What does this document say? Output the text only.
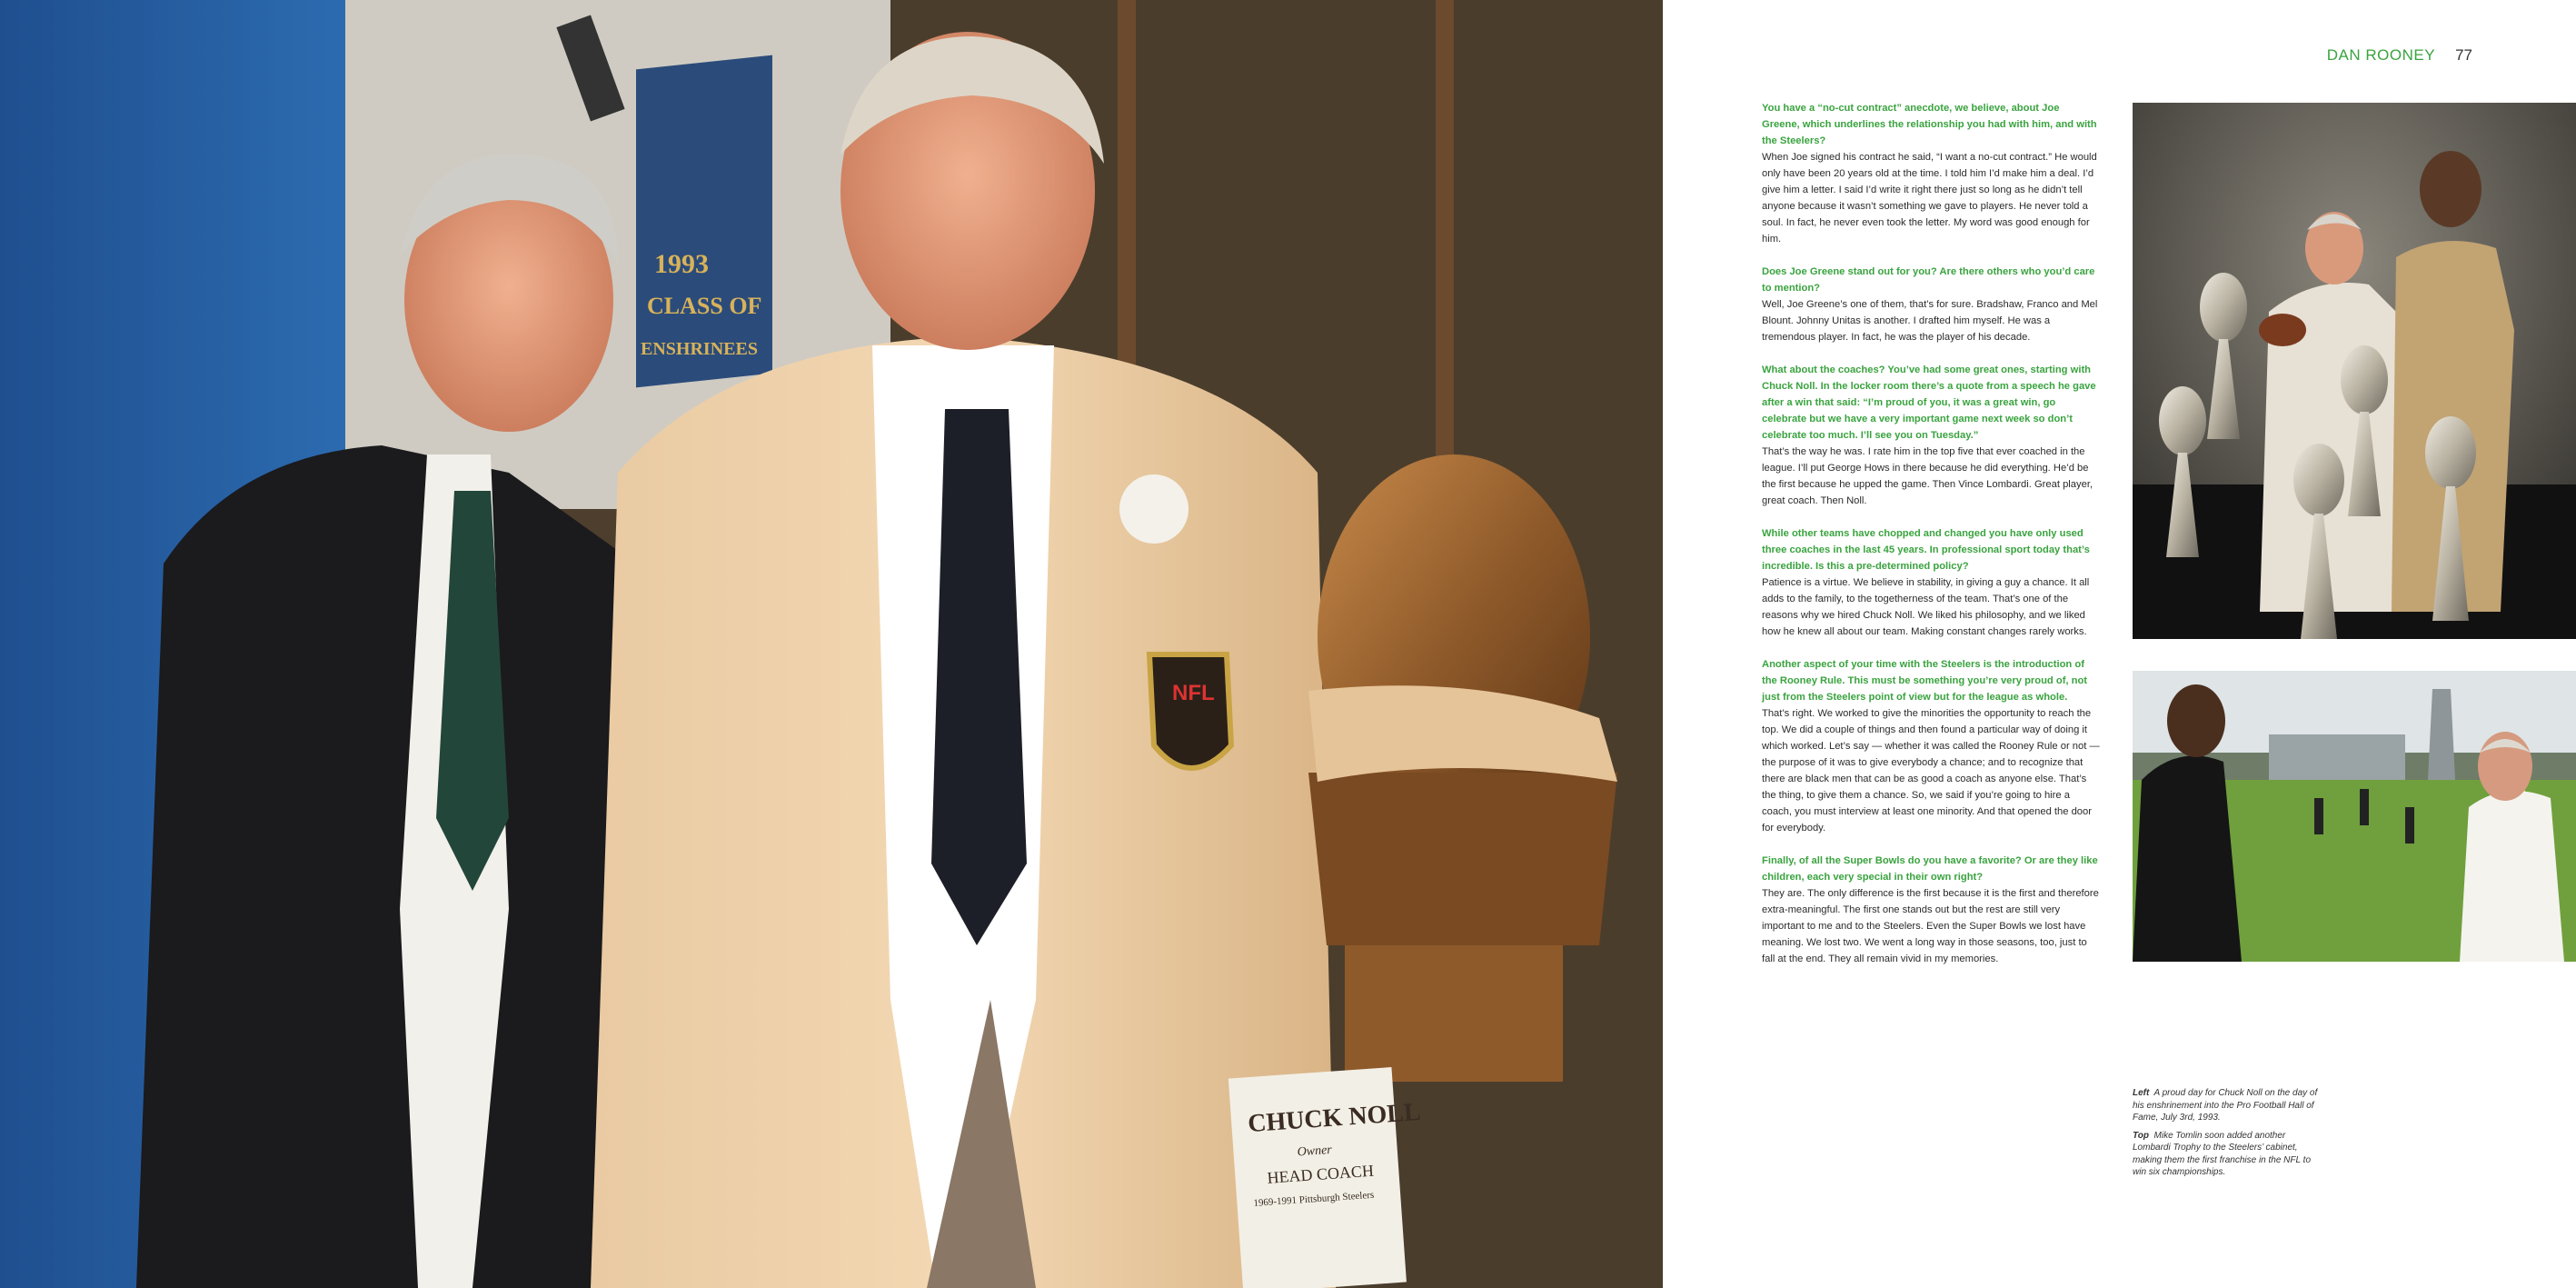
1993
CLASS OF
ENSHRINEES
NFL
CHUCK NOLL
Owner
HEAD COACH
1969-1991 Pittsburgh Steelers
DAN ROONEY 77
You have a “no-cut contract” anecdote, we believe, about Joe Greene, which underlines the relationship you had with him, and with the Steelers?
When Joe signed his contract he said, “I want a no-cut contract.” He would only have been 20 years old at the time. I told him I’d make him a deal. I’d give him a letter. I said I’d write it right there just so long as he didn’t tell anyone because it wasn’t something we gave to players. He never told a soul. In fact, he never even took the letter. My word was good enough for him.
Does Joe Greene stand out for you? Are there others who you’d care to mention?
Well, Joe Greene’s one of them, that’s for sure. Bradshaw, Franco and Mel Blount. Johnny Unitas is another. I drafted him myself. He was a tremendous player. In fact, he was the player of his decade.
What about the coaches? You’ve had some great ones, starting with Chuck Noll. In the locker room there’s a quote from a speech he gave after a win that said: “I’m proud of you, it was a great win, go celebrate but we have a very important game next week so don’t celebrate too much. I’ll see you on Tuesday.”
That’s the way he was. I rate him in the top five that ever coached in the league. I’ll put George Hows in there because he did everything. He’d be the first because he upped the game. Then Vince Lombardi. Great player, great coach. Then Noll.
While other teams have chopped and changed you have only used three coaches in the last 45 years. In professional sport today that’s incredible. Is this a pre-determined policy?
Patience is a virtue. We believe in stability, in giving a guy a chance. It all adds to the family, to the togetherness of the team. That’s one of the reasons why we hired Chuck Noll. We liked his philosophy, and we liked how he knew all about our team. Making constant changes rarely works.
Another aspect of your time with the Steelers is the introduction of the Rooney Rule. This must be something you’re very proud of, not just from the Steelers point of view but for the league as whole.
That’s right. We worked to give the minorities the opportunity to reach the top. We did a couple of things and then found a particular way of doing it which worked. Let’s say — whether it was called the Rooney Rule or not — the purpose of it was to give everybody a chance; and to recognize that there are black men that can be as good a coach as anyone else. That’s the thing, to give them a chance. So, we said if you’re going to hire a coach, you must interview at least one minority. And that opened the door for everybody.
Finally, of all the Super Bowls do you have a favorite? Or are they like children, each very special in their own right?
They are. The only difference is the first because it is the first and therefore extra-meaningful. The first one stands out but the rest are still very important to me and to the Steelers. Even the Super Bowls we lost have meaning. We lost two. We went a long way in those seasons, too, just to fall at the end. They all remain vivid in my memories.

Left A proud day for Chuck Noll on the day of his enshrinement into the Pro Football Hall of Fame, July 3rd, 1993.

Top Mike Tomlin soon added another Lombardi Trophy to the Steelers’ cabinet, making them the first franchise in the NFL to win six championships.
